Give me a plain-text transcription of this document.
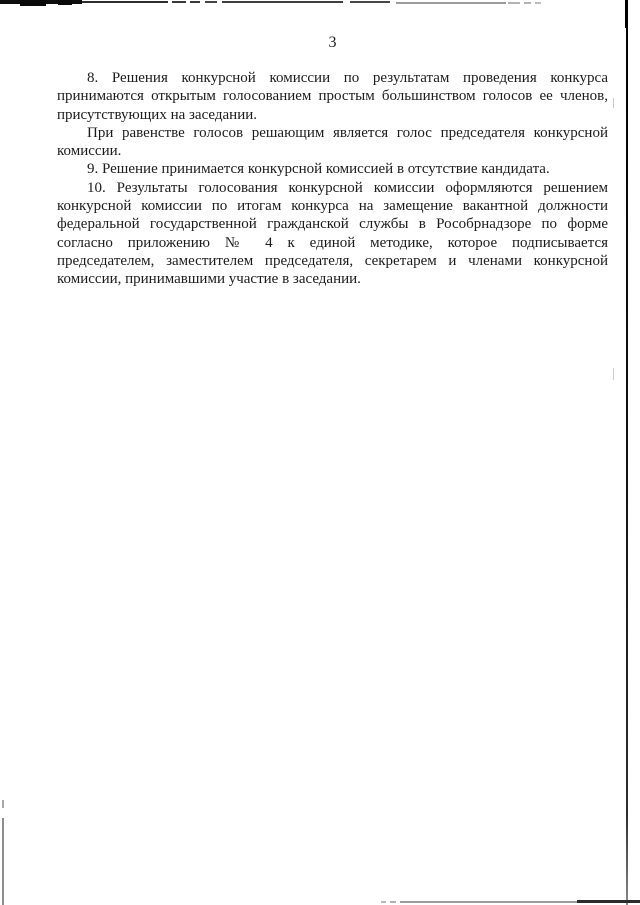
3

8. Решения конкурсной комиссии по результатам проведения конкурса принимаются открытым голосованием простым большинством голосов ее членов, присутствующих на заседании.

При равенстве голосов решающим является голос председателя конкурсной комиссии.

9. Решение принимается конкурсной комиссией в отсутствие кандидата.

10. Результаты голосования конкурсной комиссии оформляются решением конкурсной комиссии по итогам конкурса на замещение вакантной должности федеральной государственной гражданской службы в Рособрнадзоре по форме согласно приложению № 4 к единой методике, которое подписывается председателем, заместителем председателя, секретарем и членами конкурсной комиссии, принимавшими участие в заседании.
